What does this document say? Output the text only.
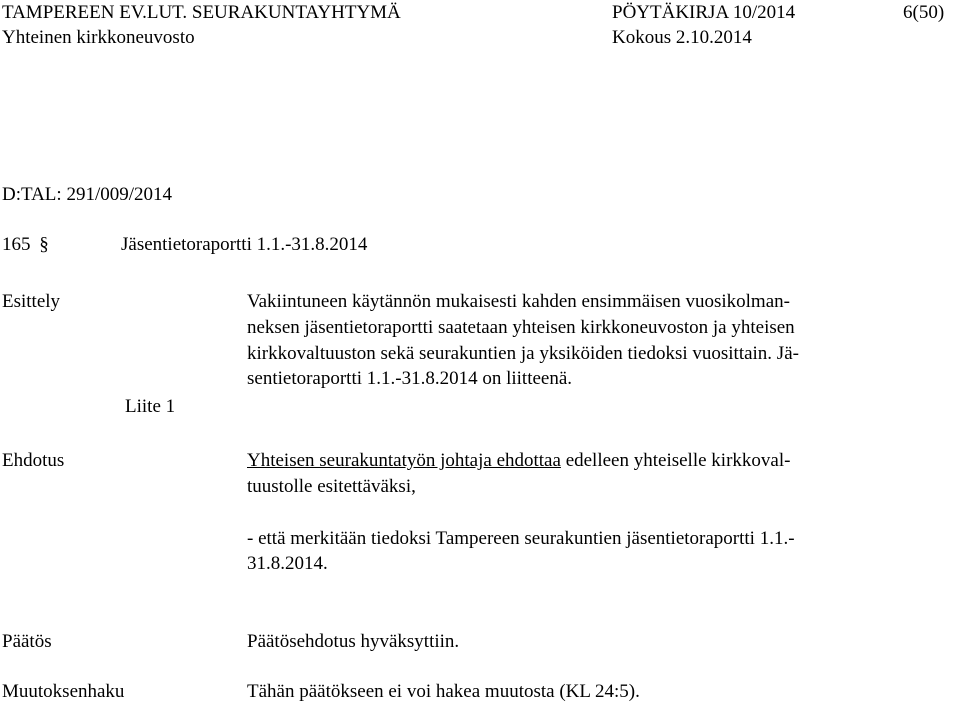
TAMPEREEN EV.LUT. SEURAKUNTAYHTYMÄ	PÖYTÄKIRJA 10/2014	6(50)
Yhteinen kirkkoneuvosto	Kokous 2.10.2014
D:TAL: 291/009/2014
165 §	Jäsentietoraportti 1.1.-31.8.2014
Esittely	Vakiintuneen käytännön mukaisesti kahden ensimmäisen vuosikolman-
neksen jäsentietoraportti saatetaan yhteisen kirkkoneuvoston ja yhteisen
kirkkovaltuuston sekä seurakuntien ja yksiköiden tiedoksi vuosittain. Jä-
sentietoraportti 1.1.-31.8.2014 on liitteenä.
Liite 1
Ehdotus	Yhteisen seurakuntatyön johtaja ehdottaa edelleen yhteiselle kirkkoval-
tuustolle esitettäväksi,
- että merkitään tiedoksi Tampereen seurakuntien jäsentietoraportti 1.1.-
31.8.2014.
Päätös	Päätösehdotus hyväksyttiin.
Muutoksenhaku	Tähän päätökseen ei voi hakea muutosta (KL 24:5).
